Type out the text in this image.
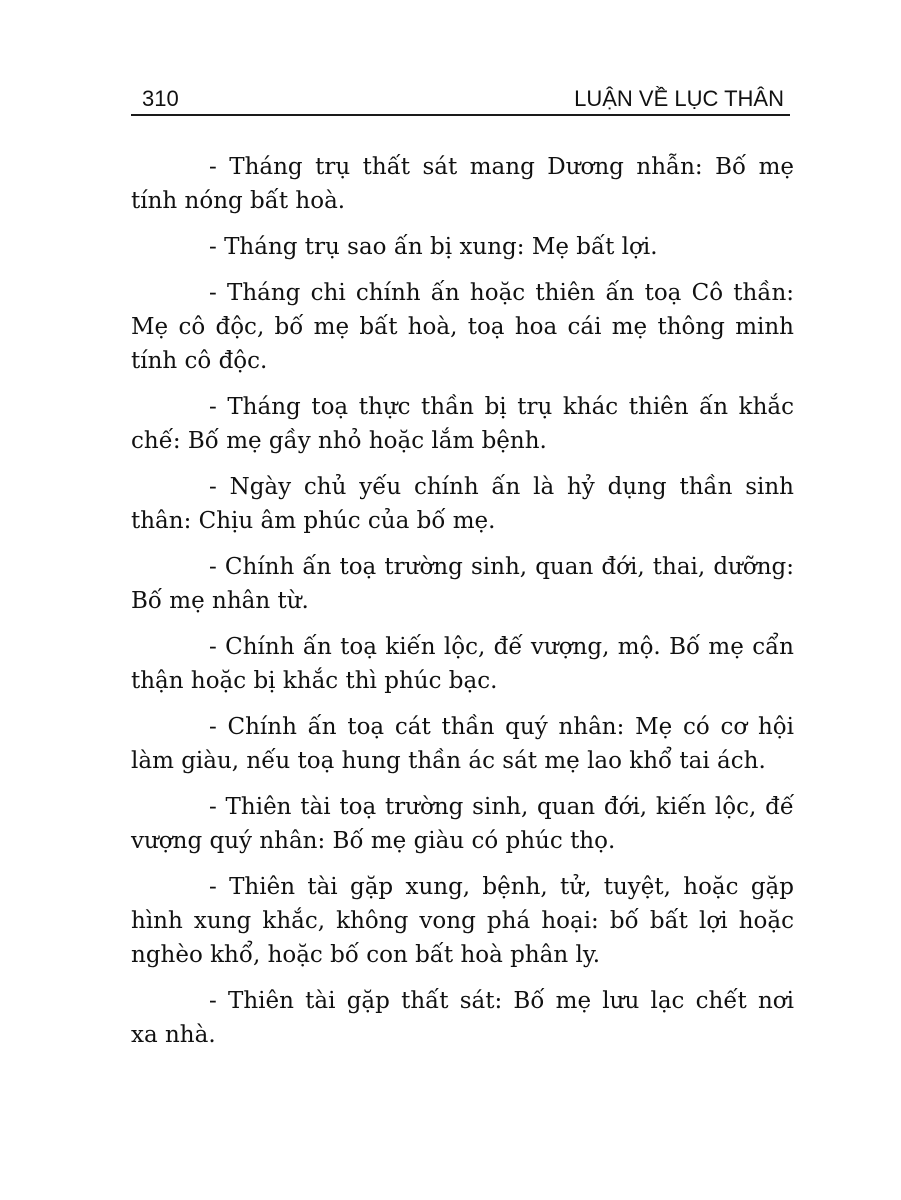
310	LUẬN VỀ LỤC THÂN

- Tháng trụ thất sát mang Dương nhẫn: Bố mẹ
tính nóng bất hoà.

- Tháng trụ sao ấn bị xung: Mẹ bất lợi.

- Tháng chi chính ấn hoặc thiên ấn toạ Cô thần:
Mẹ cô độc, bố mẹ bất hoà, toạ hoa cái mẹ thông minh
tính cô độc.

- Tháng toạ thực thần bị trụ khác thiên ấn khắc
chế: Bố mẹ gầy nhỏ hoặc lắm bệnh.

- Ngày chủ yếu chính ấn là hỷ dụng thần sinh
thân: Chịu âm phúc của bố mẹ.

- Chính ấn toạ trường sinh, quan đới, thai, dưỡng:
Bố mẹ nhân từ.

- Chính ấn toạ kiến lộc, đế vượng, mộ. Bố mẹ cẩn
thận hoặc bị khắc thì phúc bạc.

- Chính ấn toạ cát thần quý nhân: Mẹ có cơ hội
làm giàu, nếu toạ hung thần ác sát mẹ lao khổ tai ách.

- Thiên tài toạ trường sinh, quan đới, kiến lộc, đế
vượng quý nhân: Bố mẹ giàu có phúc thọ.

- Thiên tài gặp xung, bệnh, tử, tuyệt, hoặc gặp
hình xung khắc, không vong phá hoại: bố bất lợi hoặc
nghèo khổ, hoặc bố con bất hoà phân ly.

- Thiên tài gặp thất sát: Bố mẹ lưu lạc chết nơi
xa nhà.
